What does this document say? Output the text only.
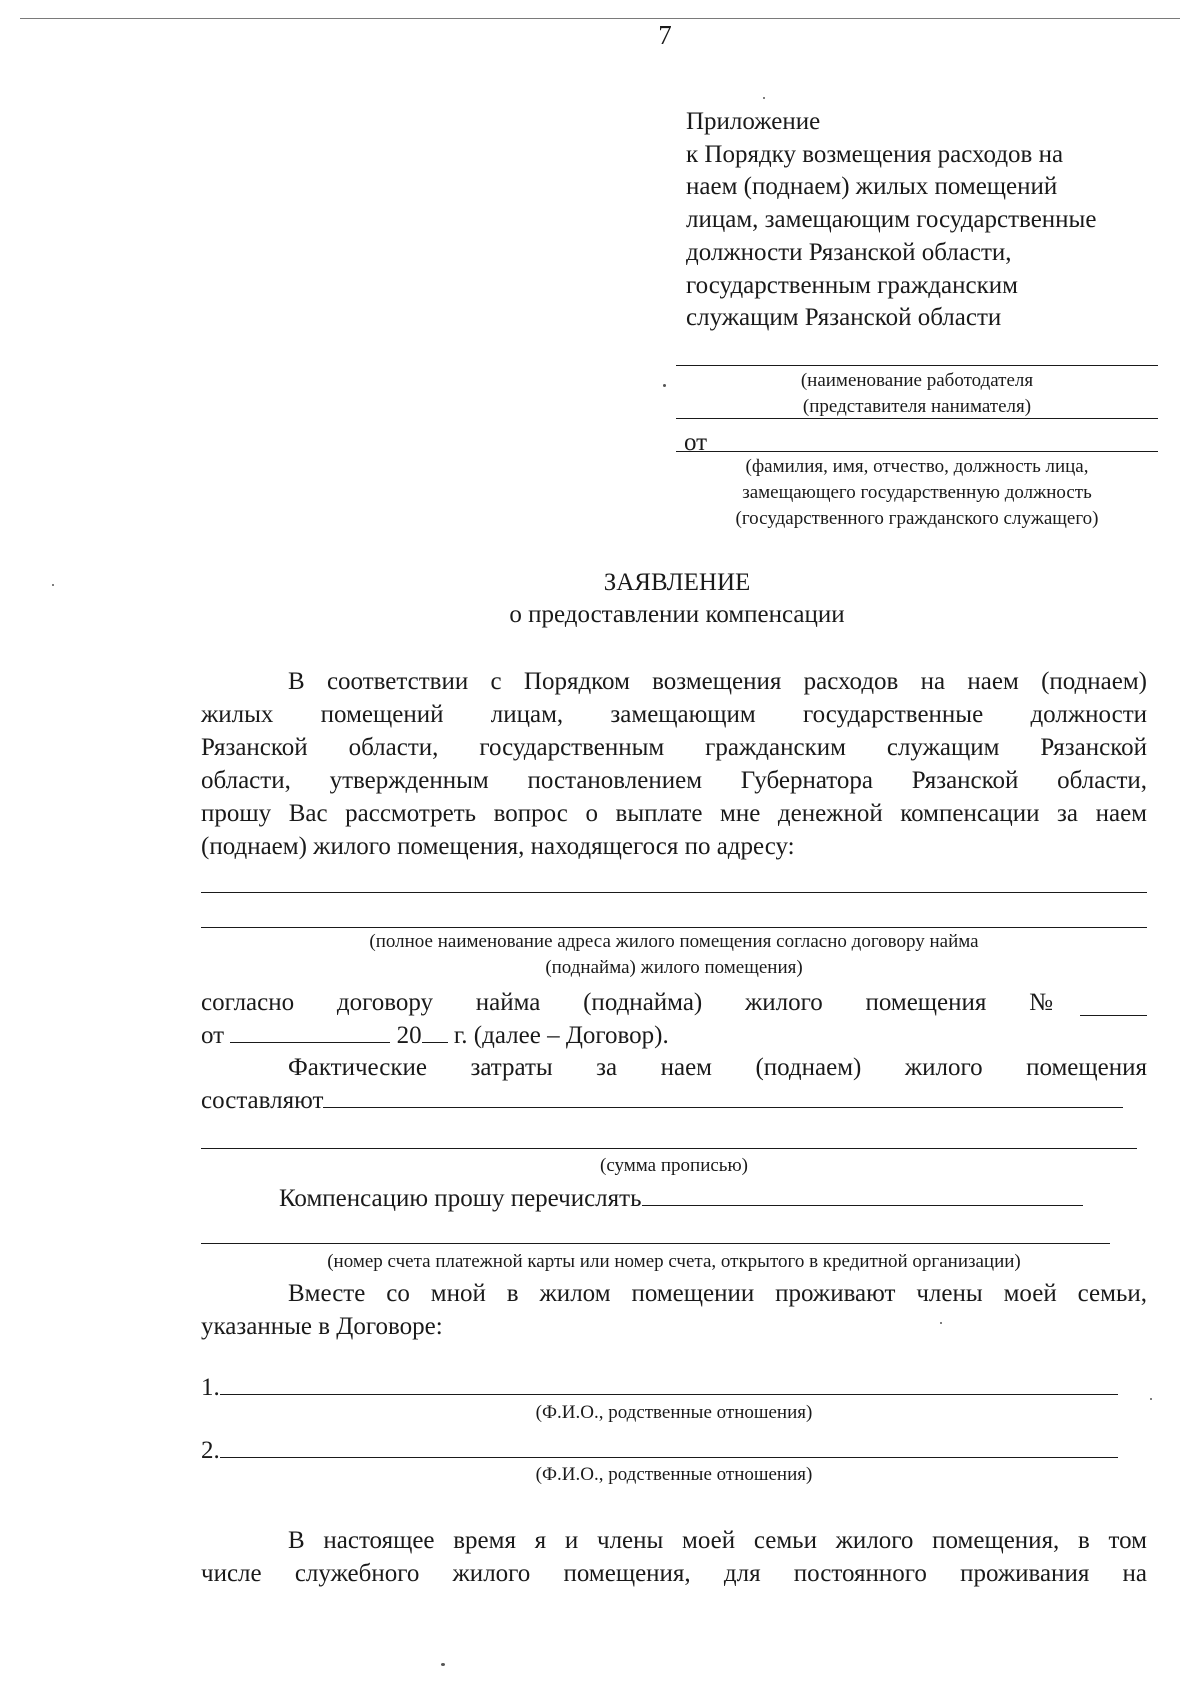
7
Приложение
к Порядку возмещения расходов на
наем (поднаем) жилых помещений
лицам, замещающим государственные
должности Рязанской области,
государственным гражданским
служащим Рязанской области
(наименование работодателя
(представителя нанимателя)
от
(фамилия, имя, отчество, должность лица,
замещающего государственную должность
(государственного гражданского служащего)
ЗАЯВЛЕНИЕ
о предоставлении компенсации
В соответствии с Порядком возмещения расходов на наем (поднаем)
жилых помещений лицам, замещающим государственные должности
Рязанской области, государственным гражданским служащим Рязанской
области, утвержденным постановлением Губернатора Рязанской области,
прошу Вас рассмотреть вопрос о выплате мне денежной компенсации за наем
(поднаем) жилого помещения, находящегося по адресу:
(полное наименование адреса жилого помещения согласно договору найма
(поднайма) жилого помещения)
согласно договору найма (поднайма) жилого помещения №
от	20 г. (далее – Договор).
Фактические затраты за наем (поднаем) жилого помещения
составляют
(сумма прописью)
Компенсацию прошу перечислять
(номер счета платежной карты или номер счета, открытого в кредитной организации)
Вместе со мной в жилом помещении проживают члены моей семьи,
указанные в Договоре:
1.
(Ф.И.О., родственные отношения)
2.
(Ф.И.О., родственные отношения)
В настоящее время я и члены моей семьи жилого помещения, в том
числе служебного жилого помещения, для постоянного проживания на
